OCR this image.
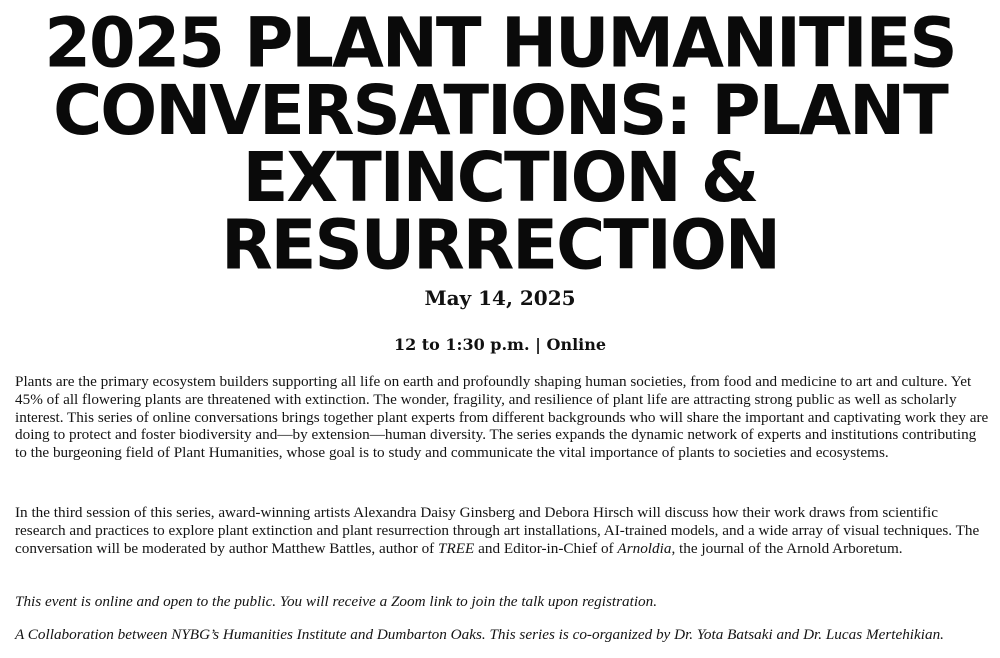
2025 PLANT HUMANITIES
CONVERSATIONS: PLANT
EXTINCTION &
RESURRECTION
May 14, 2025
12 to 1:30 p.m. | Online

Plants are the primary ecosystem builders supporting all life on earth and profoundly shaping human societies, from food and medicine to art and culture. Yet 45% of all flowering plants are threatened with extinction. The wonder, fragility, and resilience of plant life are attracting strong public as well as scholarly interest. This series of online conversations brings together plant experts from different backgrounds who will share the important and captivating work they are doing to protect and foster biodiversity and—by extension—human diversity. The series expands the dynamic network of experts and institutions contributing to the burgeoning field of Plant Humanities, whose goal is to study and communicate the vital importance of plants to societies and ecosystems.

In the third session of this series, award-winning artists Alexandra Daisy Ginsberg and Debora Hirsch will discuss how their work draws from scientific research and practices to explore plant extinction and plant resurrection through art installations, AI-trained models, and a wide array of visual techniques. The conversation will be moderated by author Matthew Battles, author of TREE and Editor-in-Chief of Arnoldia, the journal of the Arnold Arboretum.

This event is online and open to the public. You will receive a Zoom link to join the talk upon registration.

A Collaboration between NYBG’s Humanities Institute and Dumbarton Oaks. This series is co-organized by Dr. Yota Batsaki and Dr. Lucas Mertehikian.
